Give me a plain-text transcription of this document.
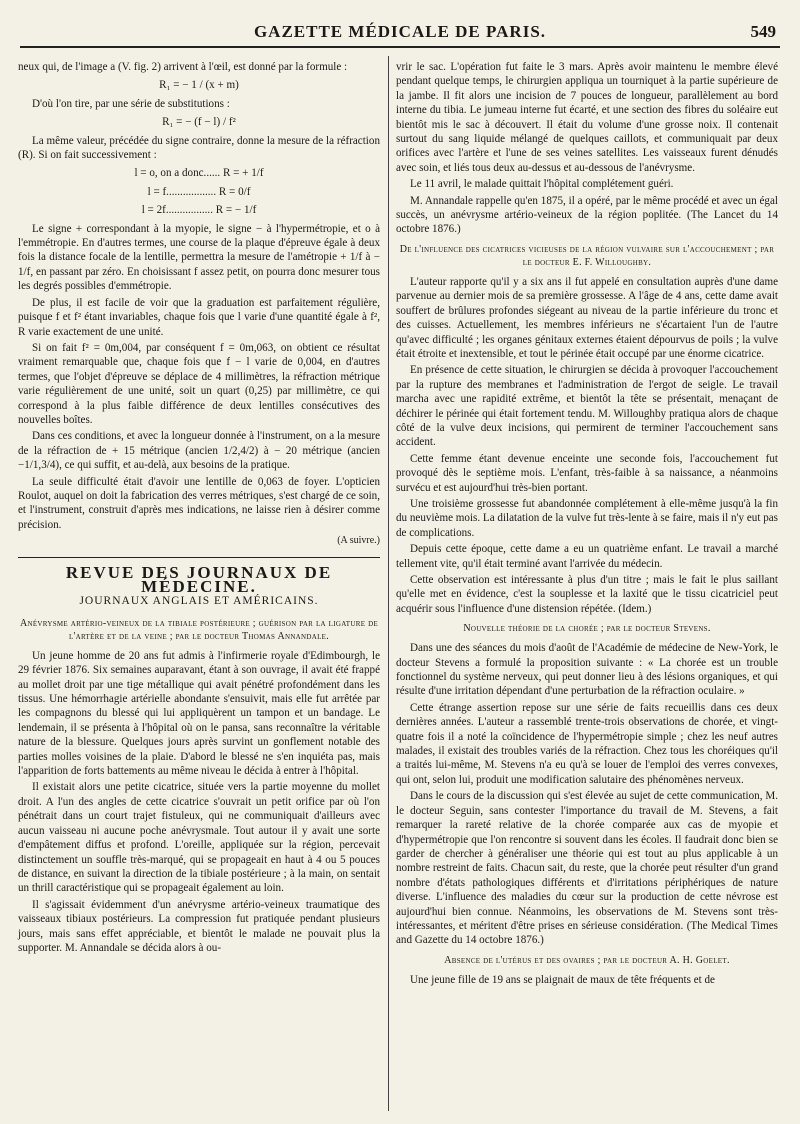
GAZETTE MÉDICALE DE PARIS.	549

neux qui, de l'image a (V. fig. 2) arrivent à l'œil, est donné par la formule :

R₁ = − 1 / (x + m)

D'où l'on tire, par une série de substitutions :

R₁ = − (f − l) / f²

La même valeur, précédée du signe contraire, donne la mesure de la réfraction (R). Si on fait successivement :

l = o, on a donc...... R = + 1/f

l = f.................. R = 0/f

l = 2f................. R = − 1/f

Le signe + correspondant à la myopie, le signe − à l'hypermétropie, et o à l'emmétropie. En d'autres termes, une course de la plaque d'épreuve égale à deux fois la distance focale de la lentille, permettra la mesure de l'amétropie + 1/f à − 1/f, en passant par zéro. En choisissant f assez petit, on pourra donc mesurer tous les degrés possibles d'emmétropie.

De plus, il est facile de voir que la graduation est parfaitement régulière, puisque f et f² étant invariables, chaque fois que l varie d'une quantité égale à f², R varie exactement de une unité.

Si on fait f² = 0m,004, par conséquent f = 0m,063, on obtient ce résultat vraiment remarquable que, chaque fois que f − l varie de 0,004, en d'autres termes, que l'objet d'épreuve se déplace de 4 millimètres, la réfraction métrique varie régulièrement de une unité, soit un quart (0,25) par millimètre, ce qui correspond à la plus faible différence de deux lentilles consécutives des nouvelles boîtes.

Dans ces conditions, et avec la longueur donnée à l'instrument, on a la mesure de la réfraction de + 15 métrique (ancien 1/2,4/2) à − 20 métrique (ancien −1/1,3/4), ce qui suffit, et au-delà, aux besoins de la pratique.

La seule difficulté était d'avoir une lentille de 0,063 de foyer. L'opticien Roulot, auquel on doit la fabrication des verres métriques, s'est chargé de ce soin, et l'instrument, construit d'après mes indications, ne laisse rien à désirer comme précision.

(A suivre.)

REVUE DES JOURNAUX DE MÉDECINE.

JOURNAUX ANGLAIS ET AMÉRICAINS.

Anévrysme artério-veineux de la tibiale postérieure ; guérison par la ligature de l'artère et de la veine ; par le docteur Thomas Annandale.

Un jeune homme de 20 ans fut admis à l'infirmerie royale d'Edimbourgh, le 29 février 1876. Six semaines auparavant, étant à son ouvrage, il avait été frappé au mollet droit par une tige métallique qui avait pénétré profondément dans les tissus. Une hémorrhagie artérielle abondante s'ensuivit, mais elle fut arrêtée par les compagnons du blessé qui lui appliquèrent un tampon et un bandage. Le lendemain, il se présenta à l'hôpital où on le pansa, sans reconnaître la véritable nature de la blessure. Quelques jours après survint un gonflement notable des parties molles voisines de la plaie. D'abord le blessé ne s'en inquiéta pas, mais l'apparition de forts battements au même niveau le décida à entrer à l'hôpital.

Il existait alors une petite cicatrice, située vers la partie moyenne du mollet droit. A l'un des angles de cette cicatrice s'ouvrait un petit orifice par où l'on pénétrait dans un court trajet fistuleux, qui ne communiquait d'ailleurs avec aucun vaisseau ni aucune poche anévrysmale. Tout autour il y avait une sorte d'empâtement diffus et profond. L'oreille, appliquée sur la région, percevait distinctement un souffle très-marqué, qui se propageait en haut à 4 ou 5 pouces de distance, en suivant la direction de la tibiale postérieure ; à la main, on sentait un thrill caractéristique qui se propageait également au loin.

Il s'agissait évidemment d'un anévrysme artério-veineux traumatique des vaisseaux tibiaux postérieurs. La compression fut pratiquée pendant plusieurs jours, mais sans effet appréciable, et bientôt le malade ne pouvait plus la supporter. M. Annandale se décida alors à ou-

vrir le sac. L'opération fut faite le 3 mars. Après avoir maintenu le membre élevé pendant quelque temps, le chirurgien appliqua un tourniquet à la partie supérieure de la jambe. Il fit alors une incision de 7 pouces de longueur, parallèlement au bord interne du tibia. Le jumeau interne fut écarté, et une section des fibres du soléaire eut bientôt mis le sac à découvert. Il était du volume d'une grosse noix. Il contenait surtout du sang liquide mélangé de quelques caillots, et communiquait par deux orifices avec l'artère et l'une de ses veines satellites. Les vaisseaux furent dénudés avec soin, et liés tous deux au-dessus et au-dessous de l'anévrysme.

Le 11 avril, le malade quittait l'hôpital complétement guéri.

M. Annandale rappelle qu'en 1875, il a opéré, par le même procédé et avec un égal succès, un anévrysme artério-veineux de la région poplitée. (The Lancet du 14 octobre 1876.)

De l'influence des cicatrices vicieuses de la région vulvaire sur l'accouchement ; par le docteur E. F. Willoughby.

L'auteur rapporte qu'il y a six ans il fut appelé en consultation auprès d'une dame parvenue au dernier mois de sa première grossesse. A l'âge de 4 ans, cette dame avait souffert de brûlures profondes siégeant au niveau de la partie inférieure du tronc et des cuisses. Actuellement, les membres inférieurs ne s'écartaient l'un de l'autre qu'avec difficulté ; les organes génitaux externes étaient dépourvus de poils ; la vulve était étroite et inextensible, et tout le périnée était occupé par une énorme cicatrice.

En présence de cette situation, le chirurgien se décida à provoquer l'accouchement par la rupture des membranes et l'administration de l'ergot de seigle. Le travail marcha avec une rapidité extrême, et bientôt la tête se présentait, menaçant de déchirer le périnée qui était fortement tendu. M. Willoughby pratiqua alors de chaque côté de la vulve deux incisions, qui permirent de terminer l'accouchement sans accident.

Cette femme étant devenue enceinte une seconde fois, l'accouchement fut provoqué dès le septième mois. L'enfant, très-faible à sa naissance, a néanmoins survécu et est aujourd'hui très-bien portant.

Une troisième grossesse fut abandonnée complétement à elle-même jusqu'à la fin du neuvième mois. La dilatation de la vulve fut très-lente à se faire, mais il n'y eut pas de complications.

Depuis cette époque, cette dame a eu un quatrième enfant. Le travail a marché tellement vite, qu'il était terminé avant l'arrivée du médecin.

Cette observation est intéressante à plus d'un titre ; mais le fait le plus saillant qu'elle met en évidence, c'est la souplesse et la laxité que le tissu cicatriciel peut acquérir sous l'influence d'une distension répétée. (Idem.)

Nouvelle théorie de la chorée ; par le docteur Stevens.

Dans une des séances du mois d'août de l'Académie de médecine de New-York, le docteur Stevens a formulé la proposition suivante : « La chorée est un trouble fonctionnel du système nerveux, qui peut donner lieu à des lésions organiques, et qui résulte d'une irritation dépendant d'une perturbation de la réfraction oculaire. »

Cette étrange assertion repose sur une série de faits recueillis dans ces deux dernières années. L'auteur a rassemblé trente-trois observations de chorée, et vingt-quatre fois il a noté la coïncidence de l'hypermétropie simple ; chez les neuf autres malades, il existait des troubles variés de la réfraction. Chez tous les choréiques qu'il a traités lui-même, M. Stevens n'a eu qu'à se louer de l'emploi des verres convexes, qui ont, selon lui, produit une modification salutaire des phénomènes nerveux.

Dans le cours de la discussion qui s'est élevée au sujet de cette communication, M. le docteur Seguin, sans contester l'importance du travail de M. Stevens, a fait remarquer la rareté relative de la chorée comparée aux cas de myopie et d'hypermétropie que l'on rencontre si souvent dans les écoles. Il faudrait donc bien se garder de chercher à généraliser une théorie qui est tout au plus applicable à un nombre restreint de faits. Chacun sait, du reste, que la chorée peut résulter d'un grand nombre d'états pathologiques différents et d'irritations périphériques de nature diverse. L'influence des maladies du cœur sur la production de cette névrose est aujourd'hui bien connue. Néanmoins, les observations de M. Stevens sont très-intéressantes, et méritent d'être prises en sérieuse considération. (The Medical Times and Gazette du 14 octobre 1876.)

Absence de l'utérus et des ovaires ; par le docteur A. H. Goelet.

Une jeune fille de 19 ans se plaignait de maux de tête fréquents et de
